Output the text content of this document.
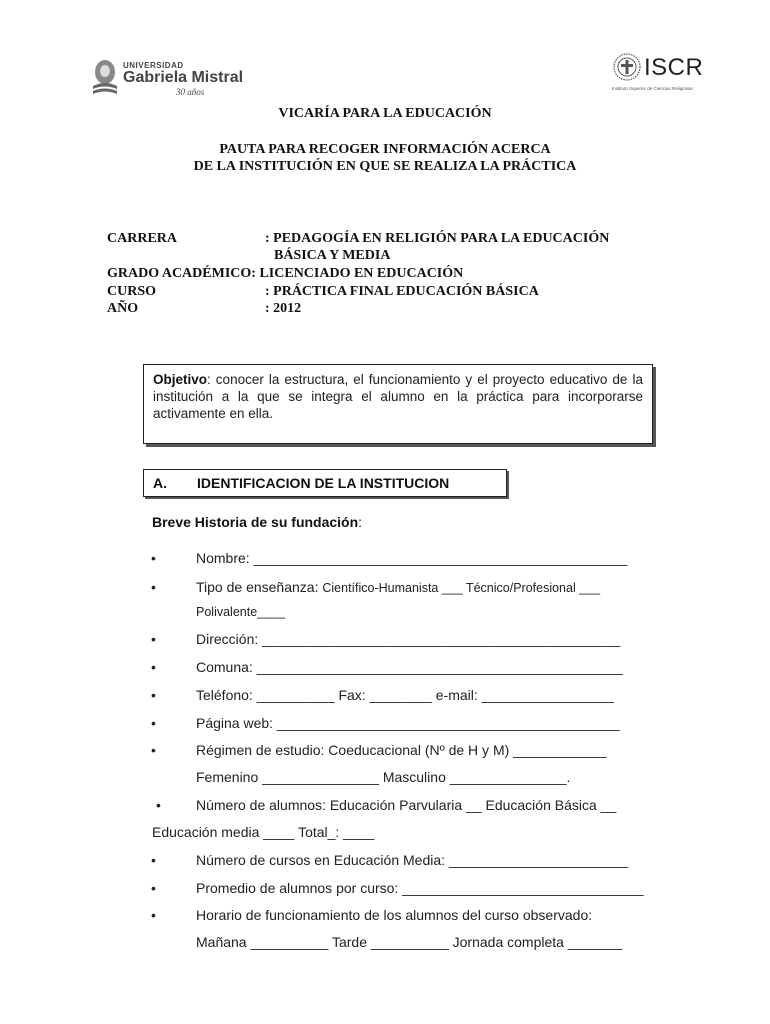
UNIVERSIDAD
Gabriela Mistral
30 años
ISCR
Instituto Superior de Ciencias Religiosas
VICARÍA PARA LA EDUCACIÓN
PAUTA PARA RECOGER INFORMACIÓN ACERCA
DE LA INSTITUCIÓN EN QUE SE REALIZA LA PRÁCTICA
CARRERA	: PEDAGOGÍA EN RELIGIÓN PARA LA EDUCACIÓN
BÁSICA Y MEDIA
GRADO ACADÉMICO: LICENCIADO EN EDUCACIÓN
CURSO	: PRÁCTICA FINAL EDUCACIÓN BÁSICA
AÑO	: 2012
Objetivo: conocer la estructura, el funcionamiento y el proyecto educativo de la institución a la que se integra el alumno en la práctica para incorporarse activamente en ella.
A. IDENTIFICACION DE LA INSTITUCION
Breve Historia de su fundación:
•	Nombre: ________________________________________________
•	Tipo de enseñanza: Científico-Humanista ___ Técnico/Profesional ___
Polivalente____
•	Dirección: ______________________________________________
•	Comuna: _______________________________________________
•	Teléfono: __________ Fax: ________ e-mail: _________________
•	Página web: ____________________________________________
•	Régimen de estudio: Coeducacional (Nº de H y M) ____________
Femenino _______________ Masculino _______________.
•	Número de alumnos: Educación Parvularia __ Educación Básica __
Educación media ____ Total_: ____
•	Número de cursos en Educación Media: _______________________
•	Promedio de alumnos por curso: _______________________________
•	Horario de funcionamiento de los alumnos del curso observado:
Mañana __________ Tarde __________ Jornada completa _______
